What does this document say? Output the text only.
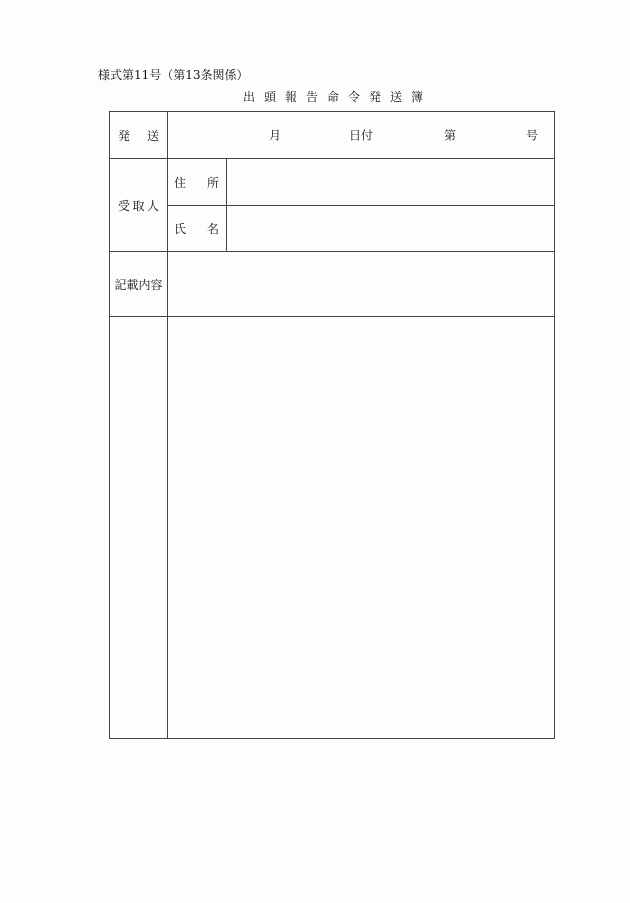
様式第11号（第13条関係）
出頭報告命令発送簿
発 送	月 日付 第 号	

受 取 人	住 所	

	氏 名	

記載内容		
